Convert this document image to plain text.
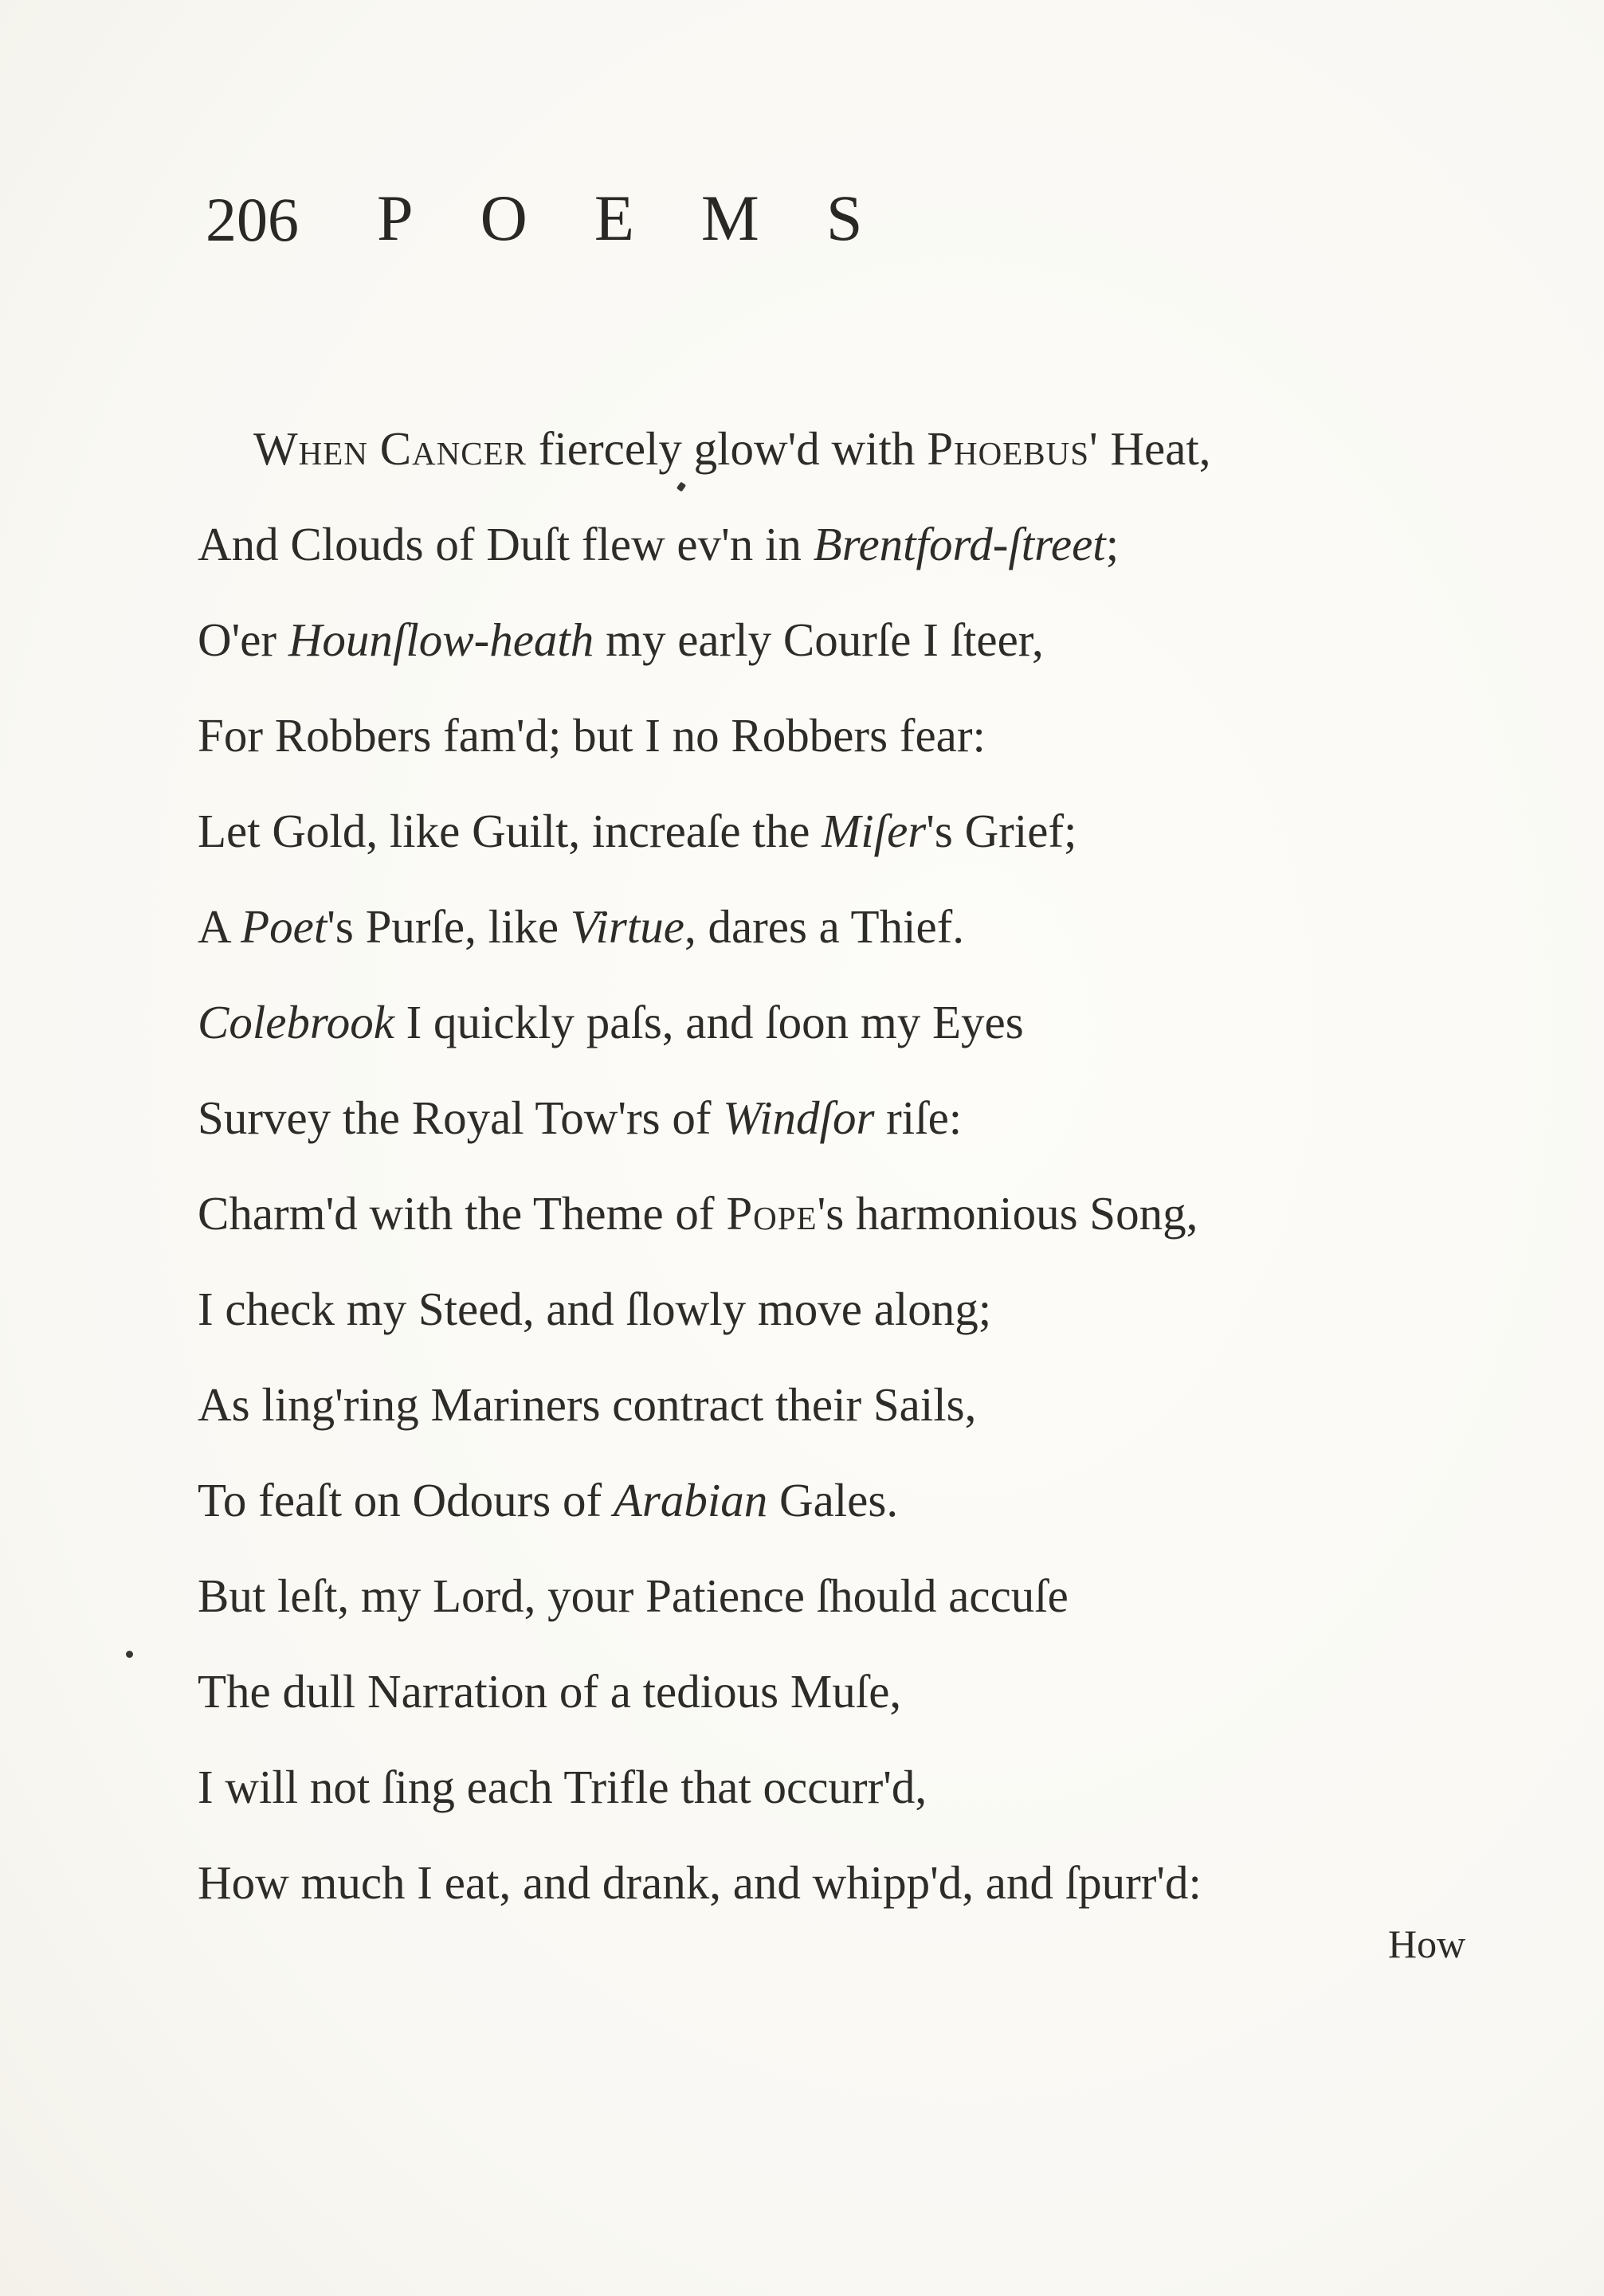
206 POEMS
When Cancer fiercely glow'd with Phoebus' Heat,
And Clouds of Duſt flew ev'n in Brentford-ſtreet;
O'er Hounſlow-heath my early Courſe I ſteer,
For Robbers fam'd; but I no Robbers fear:
Let Gold, like Guilt, increaſe the Miſer's Grief;
A Poet's Purſe, like Virtue, dares a Thief.
Colebrook I quickly paſs, and ſoon my Eyes
Survey the Royal Tow'rs of Windſor riſe:
Charm'd with the Theme of Pope's harmonious Song,
I check my Steed, and ſlowly move along;
As ling'ring Mariners contract their Sails,
To feaſt on Odours of Arabian Gales.
But leſt, my Lord, your Patience ſhould accuſe
The dull Narration of a tedious Muſe,
I will not ſing each Trifle that occurr'd,
How much I eat, and drank, and whipp'd, and ſpurr'd:
How
